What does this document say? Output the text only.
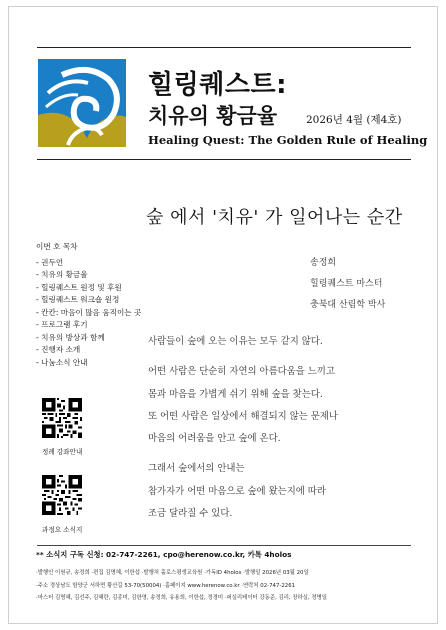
힐링퀘스트:
치유의 황금율	2026년 4월 (제4호)
Healing Quest: The Golden Rule of Healing
숲 에서 '치유' 가 일어나는 순간
이번 호 목차
- 권두언
- 치유의 황금율
- 힐링퀘스트 원정 및 후원
- 힐링퀘스트 워크숍 원정
- 칸칸: 마음이 많음 움직이는 곳
- 프로그램 후기
- 치유의 방상과 함께
- 진행자 소개
- 나눔소식 안내
송정희
힐링퀘스트 마스터
충북대 산림학 박사
사람들이 숲에 오는 이유는 모두 같지 않다.
어떤 사람은 단순히 자연의 아름다움을 느끼고
몸과 마음을 가볍게 쉬기 위해 숲을 찾는다.
또 어떤 사람은 일상에서 해결되지 않는 문제나
마음의 어려움을 안고 숲에 온다.
그래서 숲에서의 안내는
참가자가 어떤 마음으로 숲에 왔는지에 따라
조금 달라질 수 있다.
정례 강좌안내
과정요 소식지
** 소식지 구독 신청: 02-747-2261, cpo@herenow.co.kr, 카톡 4holos
·발행인 이원규, 송정희 ·편집 김명혜, 이한섭 ·발행처 홀로스평생교육원 ·가독ID 4holos ·발행일 2026년 03월 20일
·주소 경상남도 함양군 서하면 황산길 53-70(50004) ·홈페이지 www.herenow.co.kr ·연락처 02-747-2261
·마스터 김명혜, 김선주, 김혜란, 김종미, 김한영, 송정희, 유용희, 이한섭, 정경미 ·퍼실리테이터 강동준, 김리, 장하실, 정병일
